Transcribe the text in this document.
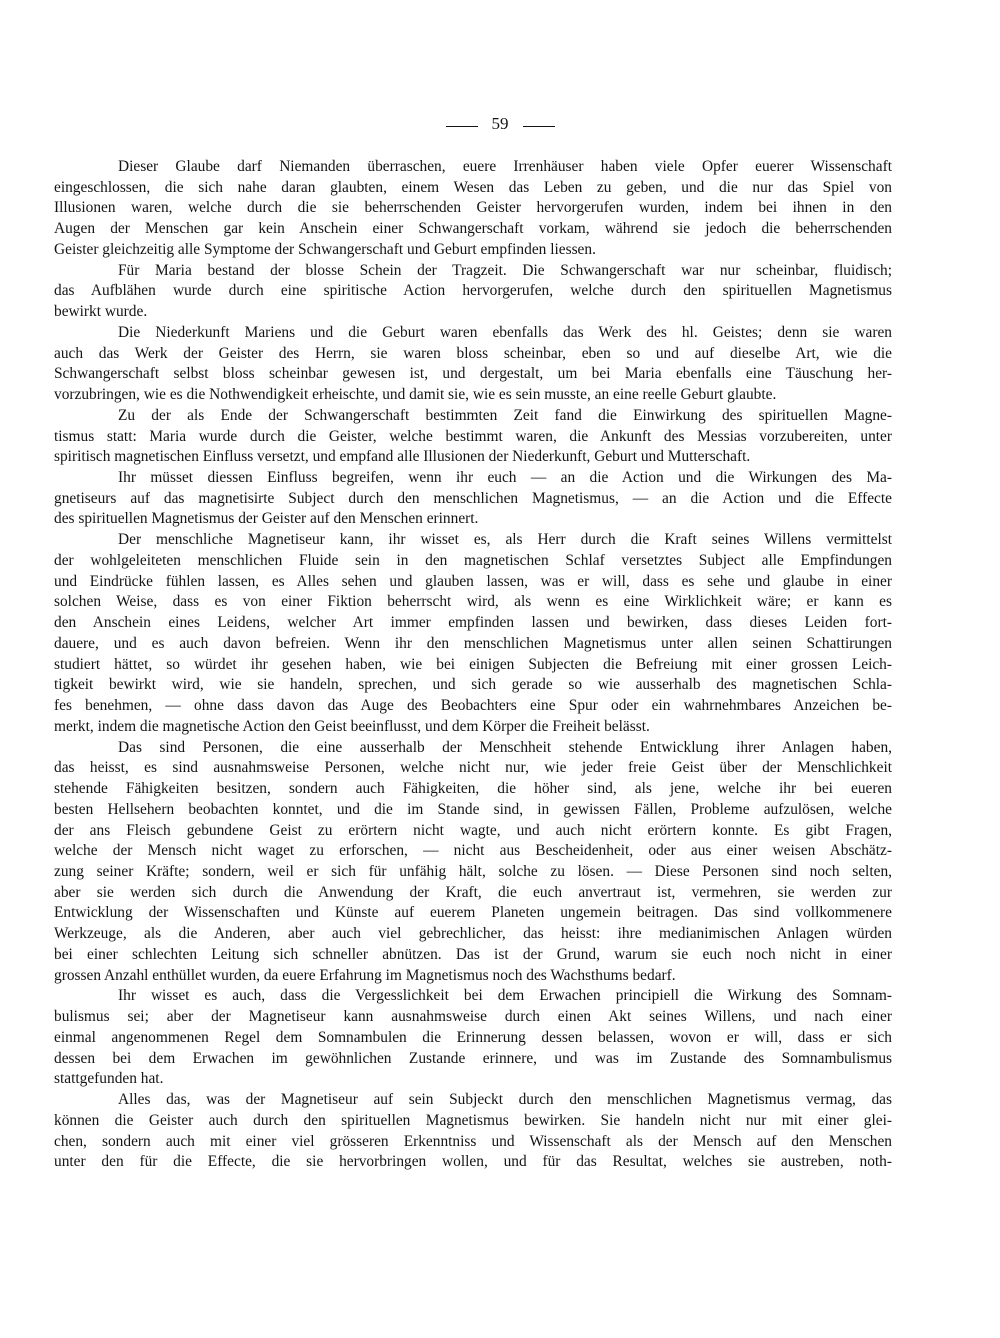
59

Dieser Glaube darf Niemanden überraschen, euere Irrenhäuser haben viele Opfer euerer Wissenschaft
eingeschlossen, die sich nahe daran glaubten, einem Wesen das Leben zu geben, und die nur das Spiel von
Illusionen waren, welche durch die sie beherrschenden Geister hervorgerufen wurden, indem bei ihnen in den
Augen der Menschen gar kein Anschein einer Schwangerschaft vorkam, während sie jedoch die beherrschenden
Geister gleichzeitig alle Symptome der Schwangerschaft und Geburt empfinden liessen.

Für Maria bestand der blosse Schein der Tragzeit. Die Schwangerschaft war nur scheinbar, fluidisch;
das Aufblähen wurde durch eine spiritische Action hervorgerufen, welche durch den spirituellen Magnetismus
bewirkt wurde.

Die Niederkunft Mariens und die Geburt waren ebenfalls das Werk des hl. Geistes; denn sie waren
auch das Werk der Geister des Herrn, sie waren bloss scheinbar, eben so und auf dieselbe Art, wie die
Schwangerschaft selbst bloss scheinbar gewesen ist, und dergestalt, um bei Maria ebenfalls eine Täuschung her-
vorzubringen, wie es die Nothwendigkeit erheischte, und damit sie, wie es sein musste, an eine reelle Geburt glaubte.

Zu der als Ende der Schwangerschaft bestimmten Zeit fand die Einwirkung des spirituellen Magne-
tismus statt: Maria wurde durch die Geister, welche bestimmt waren, die Ankunft des Messias vorzubereiten, unter
spiritisch magnetischen Einfluss versetzt, und empfand alle Illusionen der Niederkunft, Geburt und Mutterschaft.

Ihr müsset diessen Einfluss begreifen, wenn ihr euch — an die Action und die Wirkungen des Ma-
gnetiseurs auf das magnetisirte Subject durch den menschlichen Magnetismus, — an die Action und die Effecte
des spirituellen Magnetismus der Geister auf den Menschen erinnert.

Der menschliche Magnetiseur kann, ihr wisset es, als Herr durch die Kraft seines Willens vermittelst
der wohlgeleiteten menschlichen Fluide sein in den magnetischen Schlaf versetztes Subject alle Empfindungen
und Eindrücke fühlen lassen, es Alles sehen und glauben lassen, was er will, dass es sehe und glaube in einer
solchen Weise, dass es von einer Fiktion beherrscht wird, als wenn es eine Wirklichkeit wäre; er kann es
den Anschein eines Leidens, welcher Art immer empfinden lassen und bewirken, dass dieses Leiden fort-
dauere, und es auch davon befreien. Wenn ihr den menschlichen Magnetismus unter allen seinen Schattirungen
studiert hättet, so würdet ihr gesehen haben, wie bei einigen Subjecten die Befreiung mit einer grossen Leich-
tigkeit bewirkt wird, wie sie handeln, sprechen, und sich gerade so wie ausserhalb des magnetischen Schla-
fes benehmen, — ohne dass davon das Auge des Beobachters eine Spur oder ein wahrnehmbares Anzeichen be-
merkt, indem die magnetische Action den Geist beeinflusst, und dem Körper die Freiheit belässt.

Das sind Personen, die eine ausserhalb der Menschheit stehende Entwicklung ihrer Anlagen haben,
das heisst, es sind ausnahmsweise Personen, welche nicht nur, wie jeder freie Geist über der Menschlichkeit
stehende Fähigkeiten besitzen, sondern auch Fähigkeiten, die höher sind, als jene, welche ihr bei eueren
besten Hellsehern beobachten konntet, und die im Stande sind, in gewissen Fällen, Probleme aufzulösen, welche
der ans Fleisch gebundene Geist zu erörtern nicht wagte, und auch nicht erörtern konnte. Es gibt Fragen,
welche der Mensch nicht waget zu erforschen, — nicht aus Bescheidenheit, oder aus einer weisen Abschätz-
zung seiner Kräfte; sondern, weil er sich für unfähig hält, solche zu lösen. — Diese Personen sind noch selten,
aber sie werden sich durch die Anwendung der Kraft, die euch anvertraut ist, vermehren, sie werden zur
Entwicklung der Wissenschaften und Künste auf euerem Planeten ungemein beitragen. Das sind vollkommenere
Werkzeuge, als die Anderen, aber auch viel gebrechlicher, das heisst: ihre medianimischen Anlagen würden
bei einer schlechten Leitung sich schneller abnützen. Das ist der Grund, warum sie euch noch nicht in einer
grossen Anzahl enthüllet wurden, da euere Erfahrung im Magnetismus noch des Wachsthums bedarf.

Ihr wisset es auch, dass die Vergesslichkeit bei dem Erwachen principiell die Wirkung des Somnam-
bulismus sei; aber der Magnetiseur kann ausnahmsweise durch einen Akt seines Willens, und nach einer
einmal angenommenen Regel dem Somnambulen die Erinnerung dessen belassen, wovon er will, dass er sich
dessen bei dem Erwachen im gewöhnlichen Zustande erinnere, und was im Zustande des Somnambulismus
stattgefunden hat.

Alles das, was der Magnetiseur auf sein Subjeckt durch den menschlichen Magnetismus vermag, das
können die Geister auch durch den spirituellen Magnetismus bewirken. Sie handeln nicht nur mit einer glei-
chen, sondern auch mit einer viel grösseren Erkenntniss und Wissenschaft als der Mensch auf den Menschen
unter den für die Effecte, die sie hervorbringen wollen, und für das Resultat, welches sie austreben, noth-
